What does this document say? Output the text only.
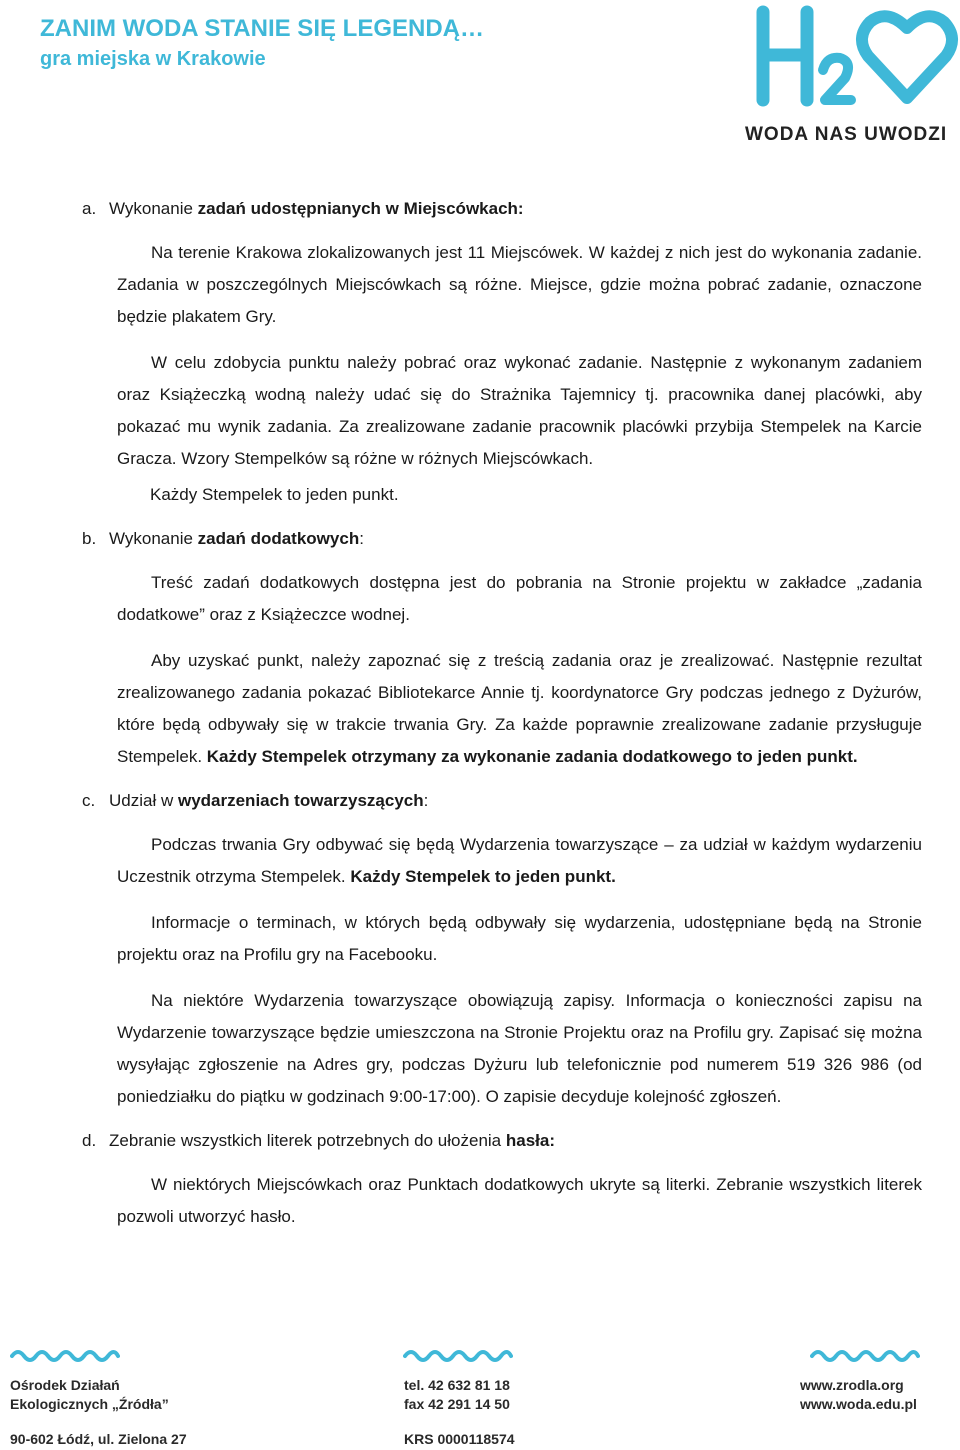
ZANIM WODA STANIE SIĘ LEGENDĄ…
gra miejska w Krakowie
WODA NAS UWODZI

a. Wykonanie zadań udostępnianych w Miejscówkach:

Na terenie Krakowa zlokalizowanych jest 11 Miejscówek. W każdej z nich jest do wykonania zadanie. Zadania w poszczególnych Miejscówkach są różne. Miejsce, gdzie można pobrać zadanie, oznaczone będzie plakatem Gry.

W celu zdobycia punktu należy pobrać oraz wykonać zadanie. Następnie z wykonanym zadaniem oraz Książeczką wodną należy udać się do Strażnika Tajemnicy tj. pracownika danej placówki, aby pokazać mu wynik zadania. Za zrealizowane zadanie pracownik placówki przybija Stempelek na Karcie Gracza. Wzory Stempelków są różne w różnych Miejscówkach.

Każdy Stempelek to jeden punkt.

b. Wykonanie zadań dodatkowych:

Treść zadań dodatkowych dostępna jest do pobrania na Stronie projektu w zakładce „zadania dodatkowe” oraz z Książeczce wodnej.

Aby uzyskać punkt, należy zapoznać się z treścią zadania oraz je zrealizować. Następnie rezultat zrealizowanego zadania pokazać Bibliotekarce Annie tj. koordynatorce Gry podczas jednego z Dyżurów, które będą odbywały się w trakcie trwania Gry. Za każde poprawnie zrealizowane zadanie przysługuje Stempelek. Każdy Stempelek otrzymany za wykonanie zadania dodatkowego to jeden punkt.

c. Udział w wydarzeniach towarzyszących:

Podczas trwania Gry odbywać się będą Wydarzenia towarzyszące – za udział w każdym wydarzeniu Uczestnik otrzyma Stempelek. Każdy Stempelek to jeden punkt.

Informacje o terminach, w których będą odbywały się wydarzenia, udostępniane będą na Stronie projektu oraz na Profilu gry na Facebooku.

Na niektóre Wydarzenia towarzyszące obowiązują zapisy. Informacja o konieczności zapisu na Wydarzenie towarzyszące będzie umieszczona na Stronie Projektu oraz na Profilu gry. Zapisać się można wysyłając zgłoszenie na Adres gry, podczas Dyżuru lub telefonicznie pod numerem 519 326 986 (od poniedziałku do piątku w godzinach 9:00-17:00). O zapisie decyduje kolejność zgłoszeń.

d. Zebranie wszystkich literek potrzebnych do ułożenia hasła:

W niektórych Miejscówkach oraz Punktach dodatkowych ukryte są literki. Zebranie wszystkich literek pozwoli utworzyć hasło.

Ośrodek Działań
Ekologicznych „Źródła”
90-602 Łódź, ul. Zielona 27
tel. 42 632 81 18
fax 42 291 14 50
KRS 0000118574
www.zrodla.org
www.woda.edu.pl
